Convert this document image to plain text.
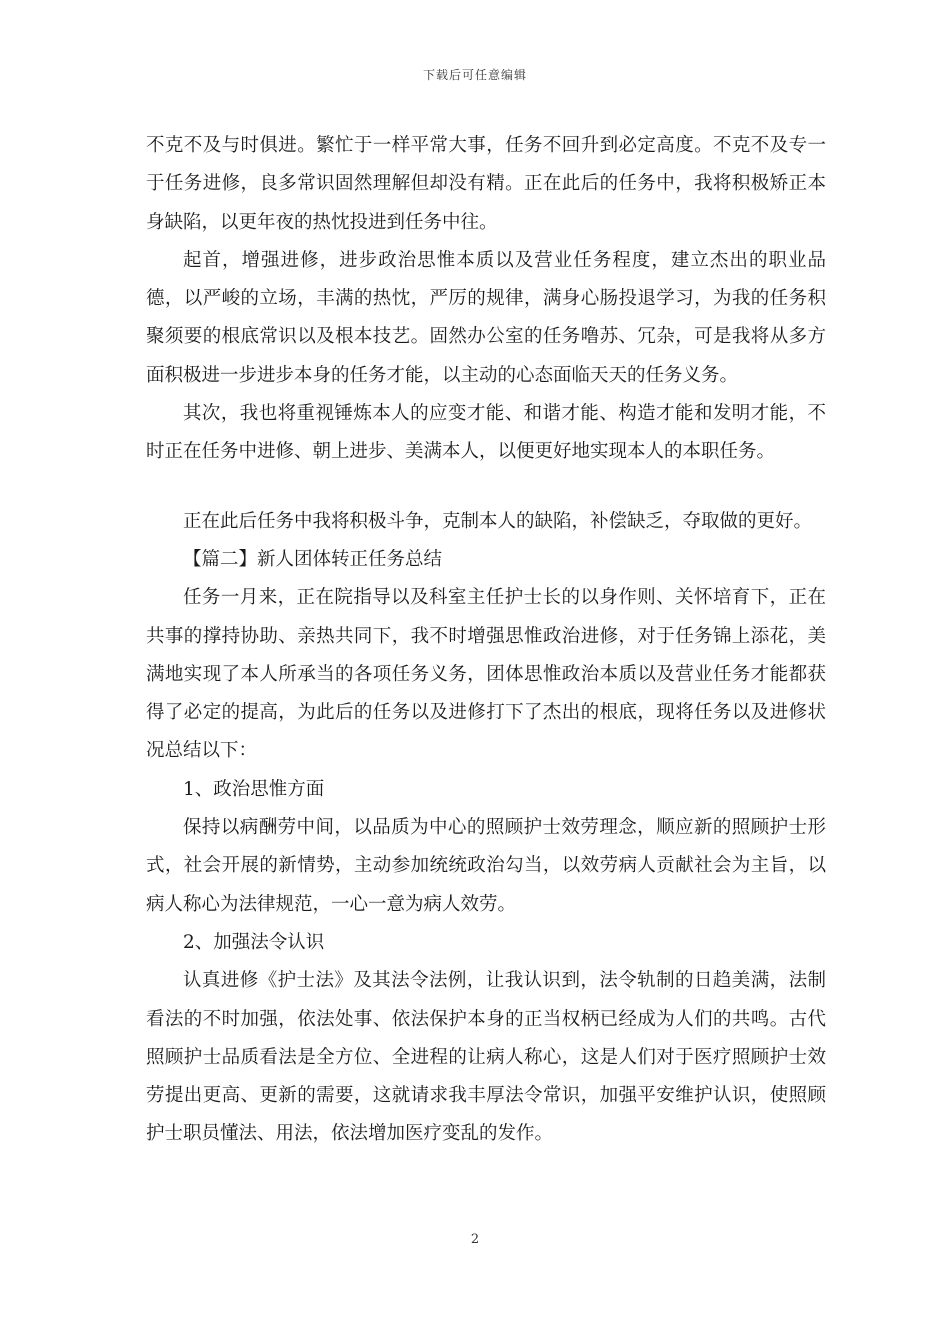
下载后可任意编辑

不克不及与时俱进。繁忙于一样平常大事，任务不回升到必定高度。不克不及专一于任务进修，良多常识固然理解但却没有精。正在此后的任务中，我将积极矫正本身缺陷，以更年夜的热忱投进到任务中往。

起首，增强进修，进步政治思惟本质以及营业任务程度，建立杰出的职业品德，以严峻的立场，丰满的热忱，严厉的规律，满身心肠投退学习，为我的任务积聚须要的根底常识以及根本技艺。固然办公室的任务噜苏、冗杂，可是我将从多方面积极进一步进步本身的任务才能，以主动的心态面临天天的任务义务。

其次，我也将重视锤炼本人的应变才能、和谐才能、构造才能和发明才能，不时正在任务中进修、朝上进步、美满本人，以便更好地实现本人的本职任务。

正在此后任务中我将积极斗争，克制本人的缺陷，补偿缺乏，夺取做的更好。

【篇二】新人团体转正任务总结

任务一月来，正在院指导以及科室主任护士长的以身作则、关怀培育下，正在共事的撑持协助、亲热共同下，我不时增强思惟政治进修，对于任务锦上添花，美满地实现了本人所承当的各项任务义务，团体思惟政治本质以及营业任务才能都获得了必定的提高，为此后的任务以及进修打下了杰出的根底，现将任务以及进修状况总结以下：

1、政治思惟方面

保持以病酬劳中间，以品质为中心的照顾护士效劳理念，顺应新的照顾护士形式，社会开展的新情势，主动参加统统政治勾当，以效劳病人贡献社会为主旨，以病人称心为法律规范，一心一意为病人效劳。

2、加强法令认识

认真进修《护士法》及其法令法例，让我认识到，法令轨制的日趋美满，法制看法的不时加强，依法处事、依法保护本身的正当权柄已经成为人们的共鸣。古代照顾护士品质看法是全方位、全进程的让病人称心，这是人们对于医疗照顾护士效劳提出更高、更新的需要，这就请求我丰厚法令常识，加强平安维护认识，使照顾护士职员懂法、用法，依法增加医疗变乱的发作。

2
